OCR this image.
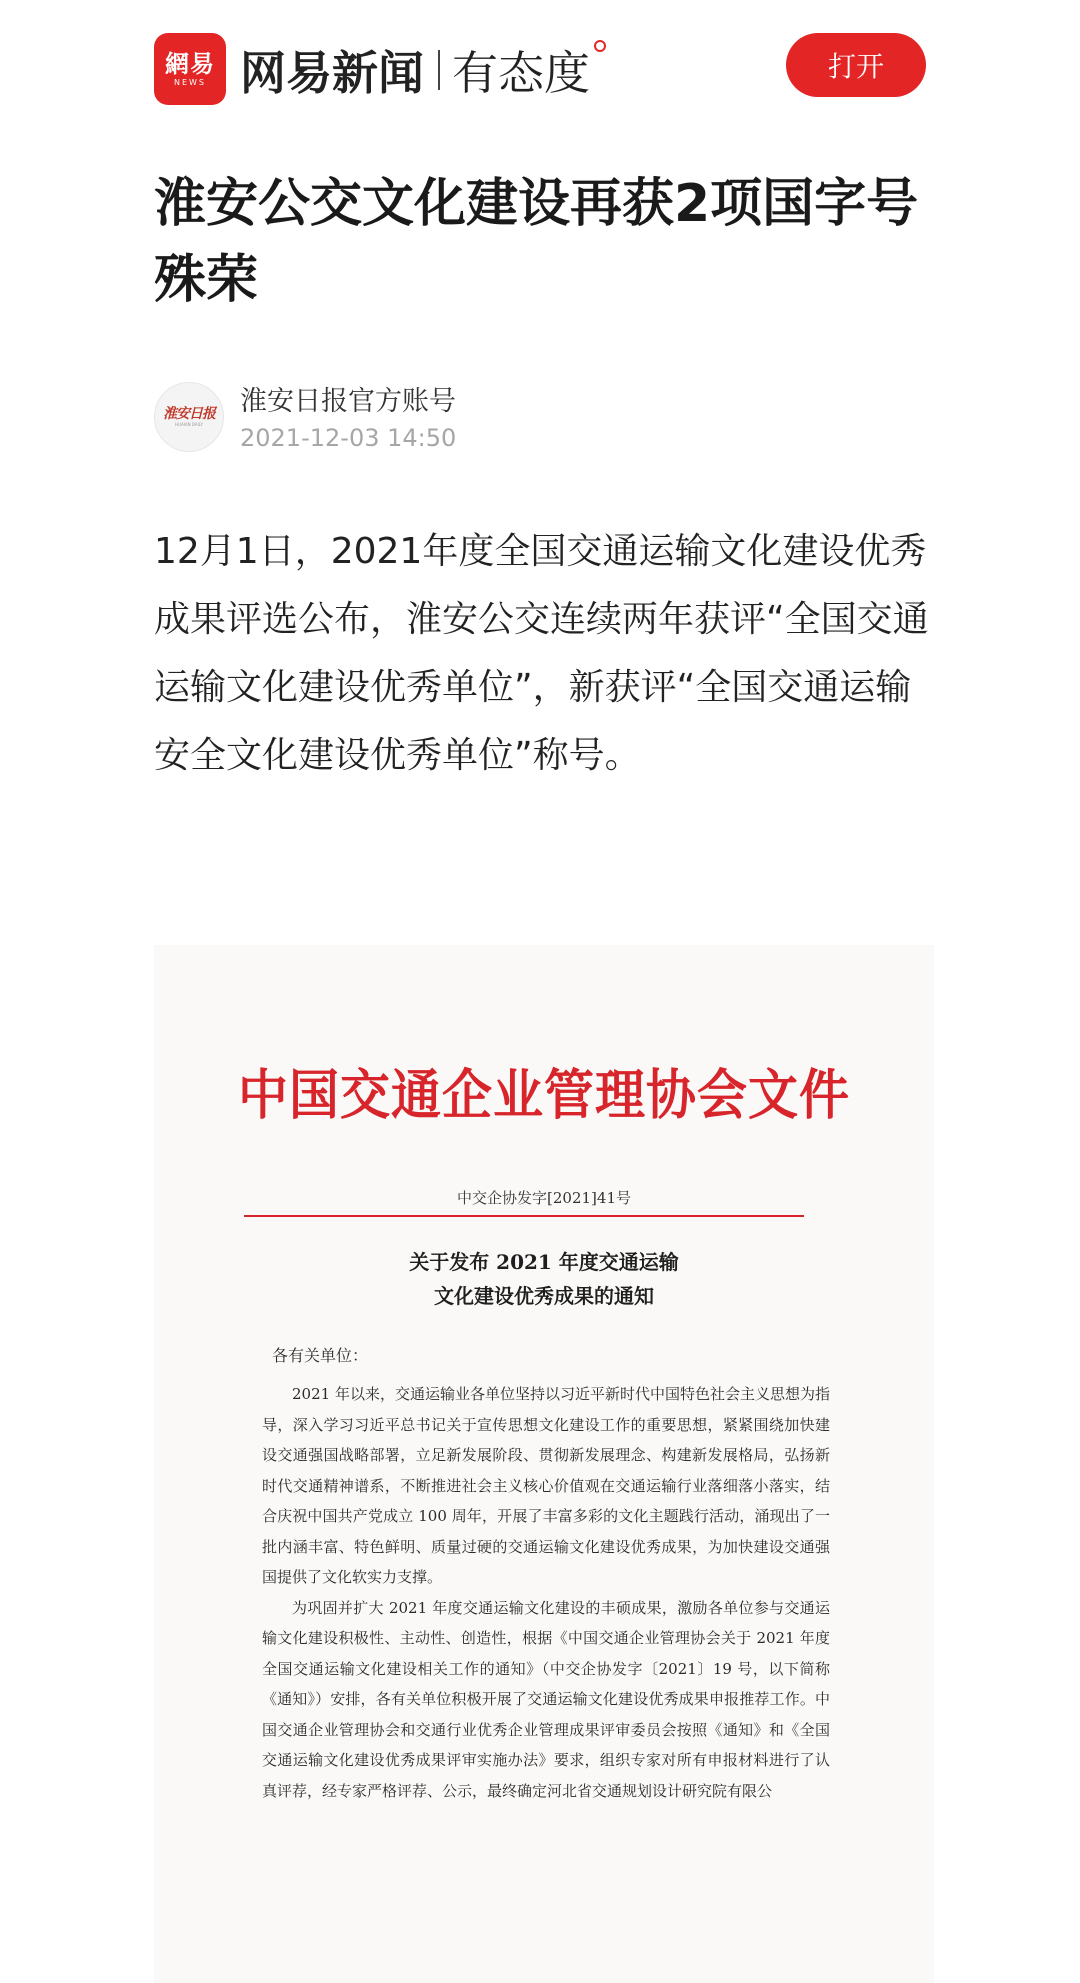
網易
NEWS 网易新闻 有态度	打开
淮安公交文化建设再获2项国字号殊荣
淮安日报
HUAIAN DAILY
淮安日报官方账号
2021-12-03 14:50

12月1日，2021年度全国交通运输文化建设优秀成果评选公布，淮安公交连续两年获评“全国交通运输文化建设优秀单位”，新获评“全国交通运输安全文化建设优秀单位”称号。

中国交通企业管理协会文件
中交企协发字[2021]41号
关于发布 2021 年度交通运输
文化建设优秀成果的通知
各有关单位：

2021 年以来，交通运输业各单位坚持以习近平新时代中国特色社会主义思想为指导，深入学习习近平总书记关于宣传思想文化建设工作的重要思想，紧紧围绕加快建设交通强国战略部署，立足新发展阶段、贯彻新发展理念、构建新发展格局，弘扬新时代交通精神谱系，不断推进社会主义核心价值观在交通运输行业落细落小落实，结合庆祝中国共产党成立 100 周年，开展了丰富多彩的文化主题践行活动，涌现出了一批内涵丰富、特色鲜明、质量过硬的交通运输文化建设优秀成果，为加快建设交通强国提供了文化软实力支撑。

为巩固并扩大 2021 年度交通运输文化建设的丰硕成果，激励各单位参与交通运输文化建设积极性、主动性、创造性，根据《中国交通企业管理协会关于 2021 年度全国交通运输文化建设相关工作的通知》（中交企协发字〔2021〕19 号，以下简称《通知》）安排，各有关单位积极开展了交通运输文化建设优秀成果申报推荐工作。中国交通企业管理协会和交通行业优秀企业管理成果评审委员会按照《通知》和《全国交通运输文化建设优秀成果评审实施办法》要求，组织专家对所有申报材料进行了认真评荐，经专家严格评荐、公示，最终确定河北省交通规划设计研究院有限公
